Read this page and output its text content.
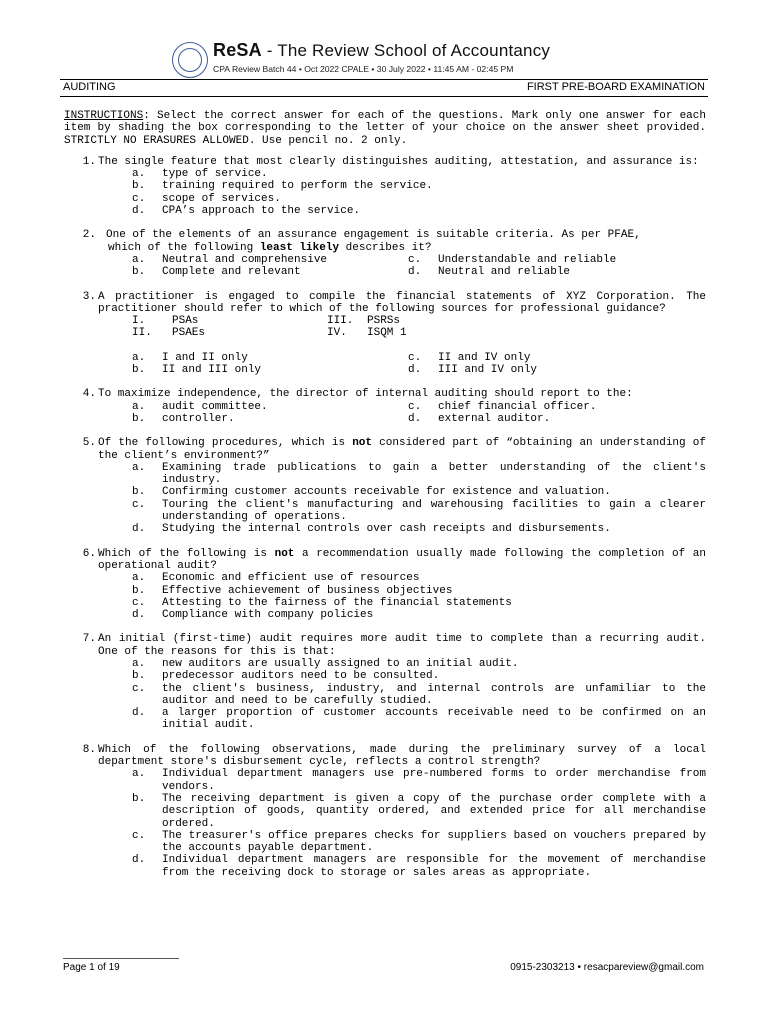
ReSA - The Review School of Accountancy
CPA Review Batch 44 • Oct 2022 CPALE • 30 July 2022 • 11:45 AM - 02:45 PM
AUDITING	FIRST PRE-BOARD EXAMINATION

INSTRUCTIONS: Select the correct answer for each of the questions. Mark only one answer for each item by shading the box corresponding to the letter of your choice on the answer sheet provided. STRICTLY NO ERASURES ALLOWED. Use pencil no. 2 only.

1. The single feature that most clearly distinguishes auditing, attestation, and assurance is:
a.	type of service.
b.	training required to perform the service.
c.	scope of services.
d.	CPA’s approach to the service.
2. One of the elements of an assurance engagement is suitable criteria. As per PFAE,
which of the following least likely describes it?
a.	Neutral and comprehensive	c.	Understandable and reliable
b.	Complete and relevant	d.	Neutral and reliable
3. A practitioner is engaged to compile the financial statements of XYZ Corporation. The practitioner should refer to which of the following sources for professional guidance?
I.	PSAs	III.	PSRSs
II.	PSAEs	IV.	ISQM 1
a.	I and II only	c.	II and IV only
b.	II and III only	d.	III and IV only
4. To maximize independence, the director of internal auditing should report to the:
a.	audit committee.	c.	chief financial officer.
b.	controller.	d.	external auditor.
5. Of the following procedures, which is not considered part of “obtaining an understanding of the client’s environment?”
a.	Examining trade publications to gain a better understanding of the client's industry.
b.	Confirming customer accounts receivable for existence and valuation.
c.	Touring the client's manufacturing and warehousing facilities to gain a clearer understanding of operations.
d.	Studying the internal controls over cash receipts and disbursements.
6. Which of the following is not a recommendation usually made following the completion of an operational audit?
a.	Economic and efficient use of resources
b.	Effective achievement of business objectives
c.	Attesting to the fairness of the financial statements
d.	Compliance with company policies
7. An initial (first-time) audit requires more audit time to complete than a recurring audit. One of the reasons for this is that:
a.	new auditors are usually assigned to an initial audit.
b.	predecessor auditors need to be consulted.
c.	the client's business, industry, and internal controls are unfamiliar to the auditor and need to be carefully studied.
d.	a larger proportion of customer accounts receivable need to be confirmed on an initial audit.
8. Which of the following observations, made during the preliminary survey of a local department store's disbursement cycle, reflects a control strength?
a.	Individual department managers use pre-numbered forms to order merchandise from vendors.
b.	The receiving department is given a copy of the purchase order complete with a description of goods, quantity ordered, and extended price for all merchandise ordered.
c.	The treasurer's office prepares checks for suppliers based on vouchers prepared by the accounts payable department.
d.	Individual department managers are responsible for the movement of merchandise from the receiving dock to storage or sales areas as appropriate.
Page 1 of 19	0915-2303213 • resacpareview@gmail.com
